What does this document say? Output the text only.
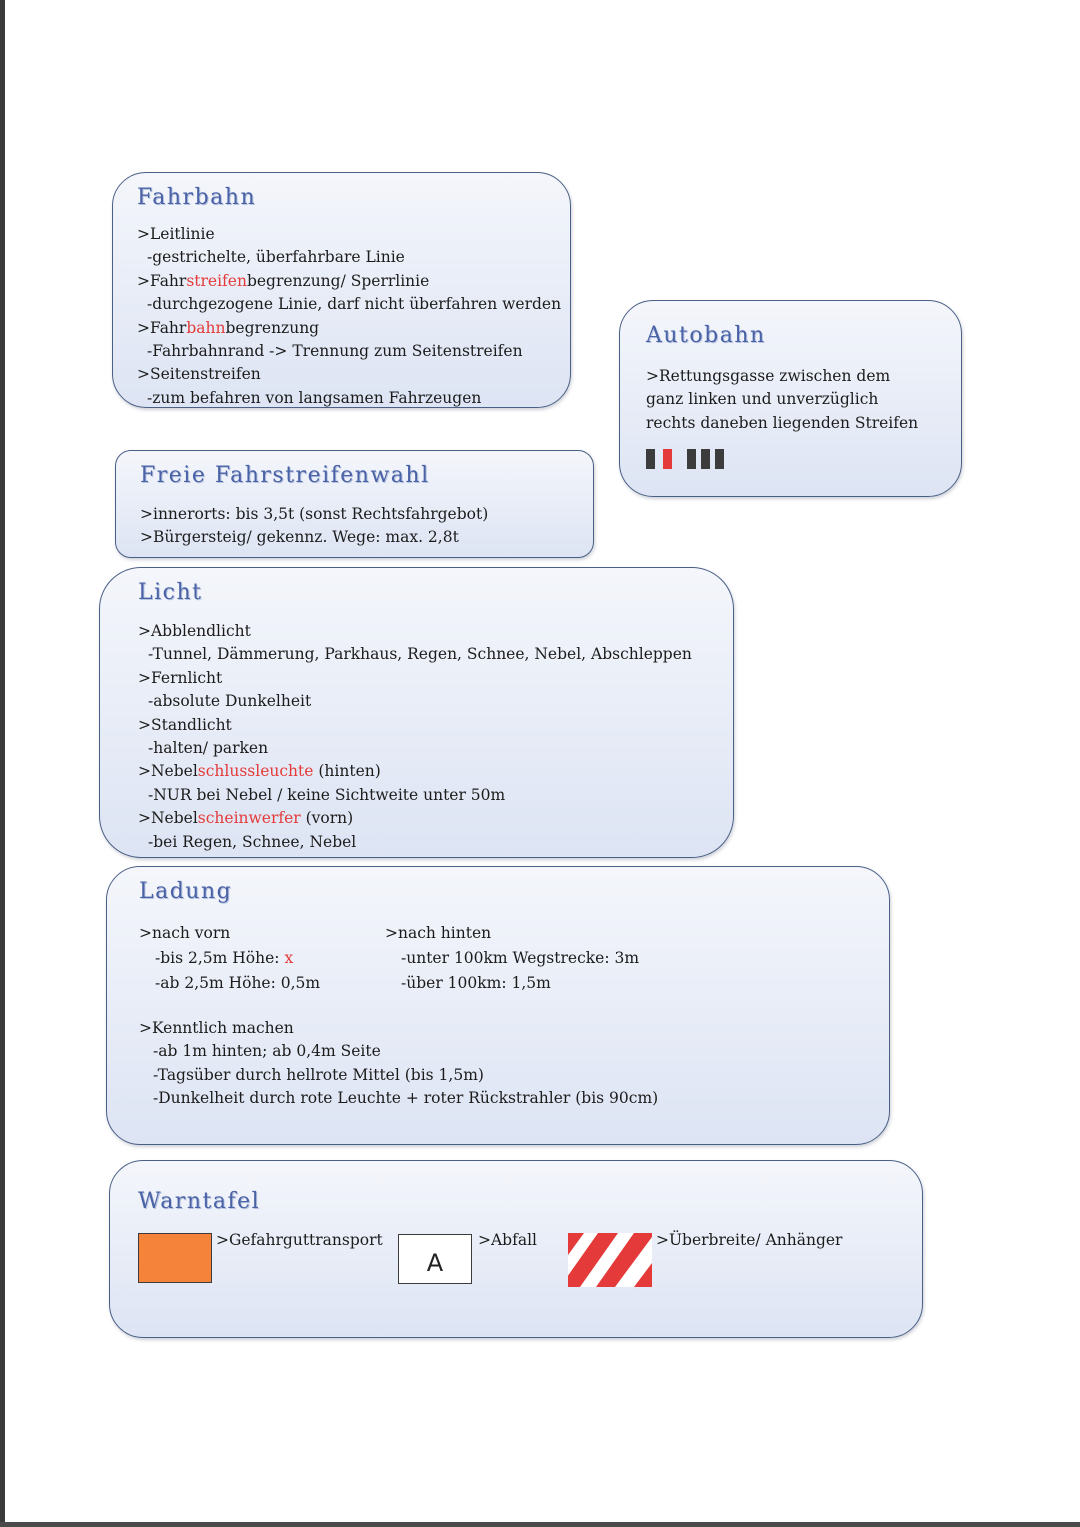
Fahrbahn
>Leitlinie
-gestrichelte, überfahrbare Linie
>Fahrstreifenbegrenzung/ Sperrlinie
-durchgezogene Linie, darf nicht überfahren werden
>Fahrbahnbegrenzung
-Fahrbahnrand -> Trennung zum Seitenstreifen
>Seitenstreifen
-zum befahren von langsamen Fahrzeugen
Autobahn
>Rettungsgasse zwischen dem
ganz linken und unverzüglich
rechts daneben liegenden Streifen
Freie Fahrstreifenwahl
>innerorts: bis 3,5t (sonst Rechtsfahrgebot)
>Bürgersteig/ gekennz. Wege: max. 2,8t
Licht
>Abblendlicht
-Tunnel, Dämmerung, Parkhaus, Regen, Schnee, Nebel, Abschleppen
>Fernlicht
-absolute Dunkelheit
>Standlicht
-halten/ parken
>Nebelschlussleuchte (hinten)
-NUR bei Nebel / keine Sichtweite unter 50m
>Nebelscheinwerfer (vorn)
-bei Regen, Schnee, Nebel
Ladung
>nach vorn
-bis 2,5m Höhe: x
-ab 2,5m Höhe: 0,5m
>nach hinten
-unter 100km Wegstrecke: 3m
-über 100km: 1,5m
>Kenntlich machen
-ab 1m hinten; ab 0,4m Seite
-Tagsüber durch hellrote Mittel (bis 1,5m)
-Dunkelheit durch rote Leuchte + roter Rückstrahler (bis 90cm)
Warntafel
>Gefahrguttransport
A
>Abfall	>Überbreite/ Anhänger
